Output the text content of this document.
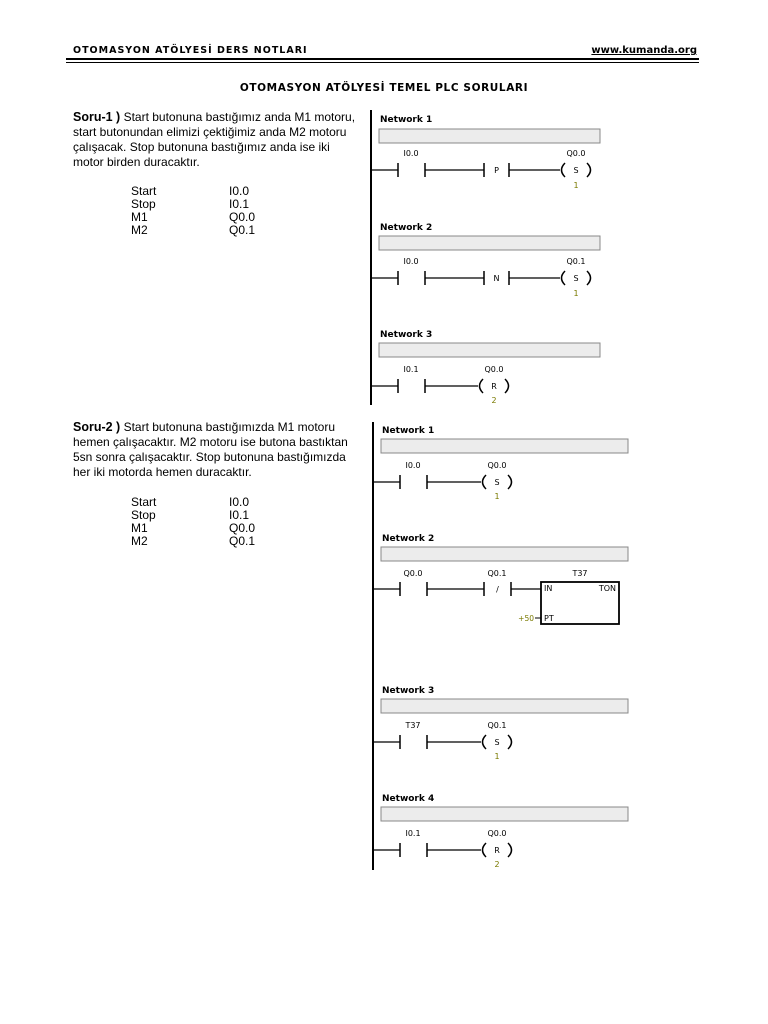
OTOMASYON ATÖLYESİ DERS NOTLARI	www.kumanda.org
OTOMASYON ATÖLYESİ TEMEL PLC SORULARI
Soru-1 ) Start butonuna bastığımız anda M1 motoru, start butonundan elimizi çektiğimiz anda M2 motoru çalışacak. Stop butonuna bastığımız anda ise iki motor birden duracaktır.
Start	I0.0
Stop	I0.1
M1	Q0.0
M2	Q0.1
Soru-2 ) Start butonuna bastığımızda M1 motoru hemen çalışacaktır. M2 motoru ise butona bastıktan 5sn sonra çalışacaktır. Stop butonuna bastığımızda her iki motorda hemen duracaktır.
Start	I0.0
Stop	I0.1
M1	Q0.0
M2	Q0.1
Network 1
I0.0
P	S
Q0.0
1
Network 2
I0.0
N	S
Q0.1
1
Network 3
I0.1
R
Q0.0
2
Network 1
I0.0
S
Q0.0
1
Network 2
Q0.0
/
Q0.1	T37
IN	TON
PT
+50
Network 3
T37
S
Q0.1
1
Network 4
I0.1
R
Q0.0
2
